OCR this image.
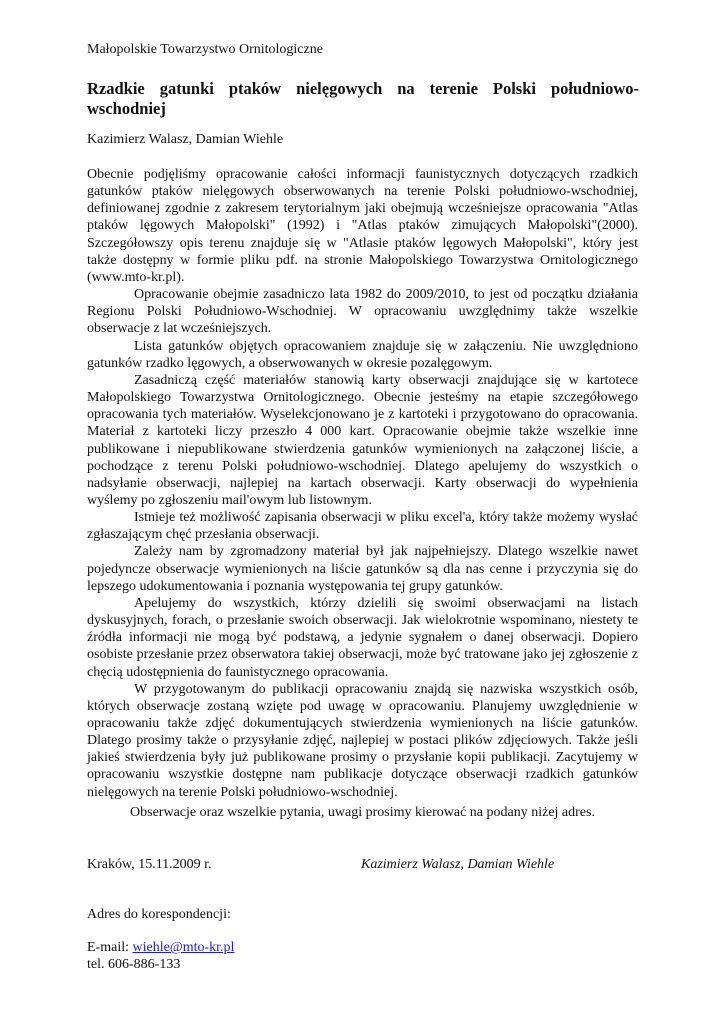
Małopolskie Towarzystwo Ornitologiczne
Rzadkie gatunki ptaków nielęgowych na terenie Polski południowo-wschodniej
Kazimierz Walasz, Damian Wiehle

Obecnie podjęliśmy opracowanie całości informacji faunistycznych dotyczących rzadkich gatunków ptaków nielęgowych obserwowanych na terenie Polski południowo-wschodniej, definiowanej zgodnie z zakresem terytorialnym jaki obejmują wcześniejsze opracowania "Atlas ptaków lęgowych Małopolski" (1992) i "Atlas ptaków zimujących Małopolski"(2000). Szczegółowszy opis terenu znajduje się w "Atlasie ptaków lęgowych Małopolski", który jest także dostępny w formie pliku pdf. na stronie Małopolskiego Towarzystwa Ornitologicznego (www.mto-kr.pl).

Opracowanie obejmie zasadniczo lata 1982 do 2009/2010, to jest od początku działania Regionu Polski Południowo-Wschodniej. W opracowaniu uwzględnimy także wszelkie obserwacje z lat wcześniejszych.

Lista gatunków objętych opracowaniem znajduje się w załączeniu. Nie uwzględniono gatunków rzadko lęgowych, a obserwowanych w okresie pozalęgowym.

Zasadniczą część materiałów stanowią karty obserwacji znajdujące się w kartotece Małopolskiego Towarzystwa Ornitologicznego. Obecnie jesteśmy na etapie szczegółowego opracowania tych materiałów. Wyselekcjonowano je z kartoteki i przygotowano do opracowania. Materiał z kartoteki liczy przeszło 4 000 kart. Opracowanie obejmie także wszelkie inne publikowane i niepublikowane stwierdzenia gatunków wymienionych na załączonej liście, a pochodzące z terenu Polski południowo-wschodniej. Dlatego apelujemy do wszystkich o nadsyłanie obserwacji, najlepiej na kartach obserwacji. Karty obserwacji do wypełnienia wyślemy po zgłoszeniu mail'owym lub listownym.

Istnieje też możliwość zapisania obserwacji w pliku excel'a, który także możemy wysłać zgłaszającym chęć przesłania obserwacji.

Zależy nam by zgromadzony materiał był jak najpełniejszy. Dlatego wszelkie nawet pojedyncze obserwacje wymienionych na liście gatunków są dla nas cenne i przyczynia się do lepszego udokumentowania i poznania występowania tej grupy gatunków.

Apelujemy do wszystkich, którzy dzielili się swoimi obserwacjami na listach dyskusyjnych, forach, o przesłanie swoich obserwacji. Jak wielokrotnie wspominano, niestety te źródła informacji nie mogą być podstawą, a jedynie sygnałem o danej obserwacji. Dopiero osobiste przesłanie przez obserwatora takiej obserwacji, może być tratowane jako jej zgłoszenie z chęcią udostępnienia do faunistycznego opracowania.

W przygotowanym do publikacji opracowaniu znajdą się nazwiska wszystkich osób, których obserwacje zostaną wzięte pod uwagę w opracowaniu. Planujemy uwzględnienie w opracowaniu także zdjęć dokumentujących stwierdzenia wymienionych na liście gatunków. Dlatego prosimy także o przysyłanie zdjęć, najlepiej w postaci plików zdjęciowych. Także jeśli jakieś stwierdzenia były już publikowane prosimy o przysłanie kopii publikacji. Zacytujemy w opracowaniu wszystkie dostępne nam publikacje dotyczące obserwacji rzadkich gatunków nielęgowych na terenie Polski południowo-wschodniej.

Obserwacje oraz wszelkie pytania, uwagi prosimy kierować na podany niżej adres.
Kraków, 15.11.2009 r.	Kazimierz Walasz, Damian Wiehle
Adres do korespondencji:
E-mail: wiehle@mto-kr.pl
tel. 606-886-133
